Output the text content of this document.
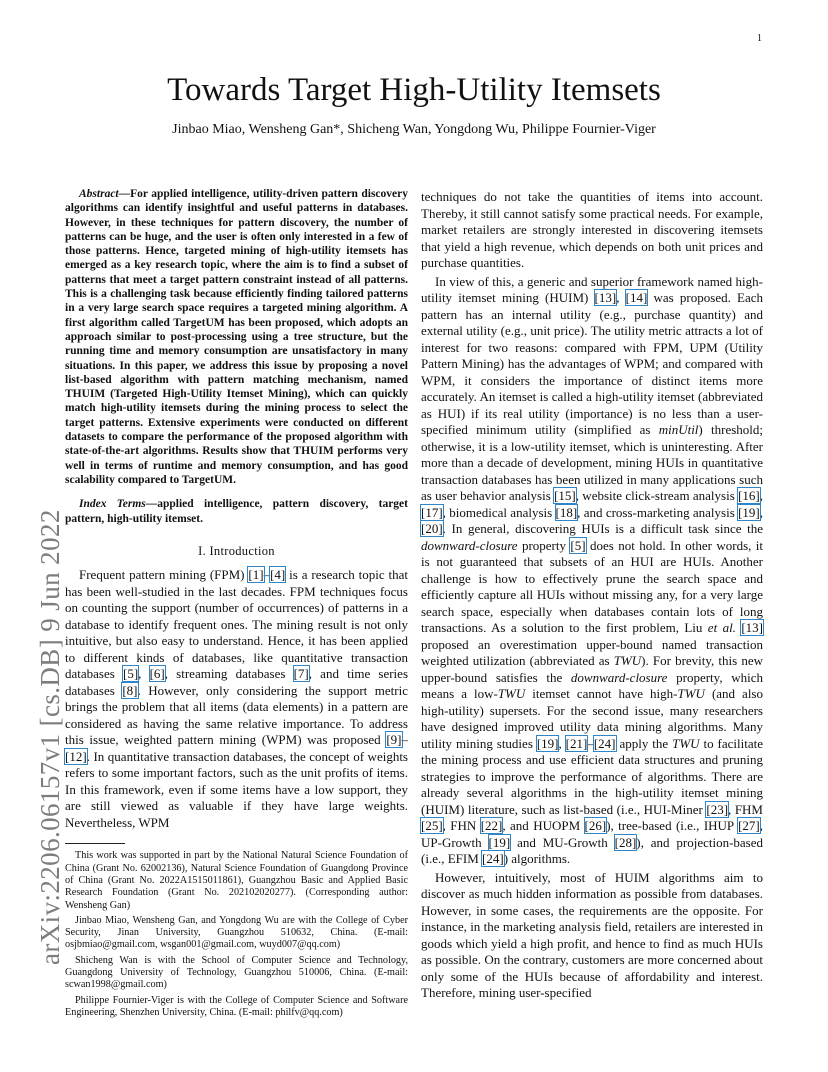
1
arXiv:2206.06157v1 [cs.DB] 9 Jun 2022
Towards Target High-Utility Itemsets

Jinbao Miao, Wensheng Gan*, Shicheng Wan, Yongdong Wu, Philippe Fournier-Viger

Abstract—For applied intelligence, utility-driven pattern discovery algorithms can identify insightful and useful patterns in databases. However, in these techniques for pattern discovery, the number of patterns can be huge, and the user is often only interested in a few of those patterns. Hence, targeted mining of high-utility itemsets has emerged as a key research topic, where the aim is to find a subset of patterns that meet a target pattern constraint instead of all patterns. This is a challenging task because efficiently finding tailored patterns in a very large search space requires a targeted mining algorithm. A first algorithm called TargetUM has been proposed, which adopts an approach similar to post-processing using a tree structure, but the running time and memory consumption are unsatisfactory in many situations. In this paper, we address this issue by proposing a novel list-based algorithm with pattern matching mechanism, named THUIM (Targeted High-Utility Itemset Mining), which can quickly match high-utility itemsets during the mining process to select the target patterns. Extensive experiments were conducted on different datasets to compare the performance of the proposed algorithm with state-of-the-art algorithms. Results show that THUIM performs very well in terms of runtime and memory consumption, and has good scalability compared to TargetUM.

Index Terms—applied intelligence, pattern discovery, target pattern, high-utility itemset.

I. Introduction

Frequent pattern mining (FPM) [1]–[4] is a research topic that has been well-studied in the last decades. FPM techniques focus on counting the support (number of occurrences) of patterns in a database to identify frequent ones. The mining result is not only intuitive, but also easy to understand. Hence, it has been applied to different kinds of databases, like quantitative transaction databases [5], [6], streaming databases [7], and time series databases [8]. However, only considering the support metric brings the problem that all items (data elements) in a pattern are considered as having the same relative importance. To address this issue, weighted pattern mining (WPM) was proposed [9]–[12]. In quantitative transaction databases, the concept of weights refers to some important factors, such as the unit profits of items. In this framework, even if some items have a low support, they are still viewed as valuable if they have large weights. Nevertheless, WPM

This work was supported in part by the National Natural Science Foundation of China (Grant No. 62002136), Natural Science Foundation of Guangdong Province of China (Grant No. 2022A1515011861), Guangzhou Basic and Applied Basic Research Foundation (Grant No. 202102020277). (Corresponding author: Wensheng Gan)

Jinbao Miao, Wensheng Gan, and Yongdong Wu are with the College of Cyber Security, Jinan University, Guangzhou 510632, China. (E-mail: osjbmiao@gmail.com, wsgan001@gmail.com, wuyd007@qq.com)

Shicheng Wan is with the School of Computer Science and Technology, Guangdong University of Technology, Guangzhou 510006, China. (E-mail: scwan1998@gmail.com)

Philippe Fournier-Viger is with the College of Computer Science and Software Engineering, Shenzhen University, China. (E-mail: philfv@qq.com)

techniques do not take the quantities of items into account. Thereby, it still cannot satisfy some practical needs. For example, market retailers are strongly interested in discovering itemsets that yield a high revenue, which depends on both unit prices and purchase quantities.

In view of this, a generic and superior framework named high-utility itemset mining (HUIM) [13], [14] was proposed. Each pattern has an internal utility (e.g., purchase quantity) and external utility (e.g., unit price). The utility metric attracts a lot of interest for two reasons: compared with FPM, UPM (Utility Pattern Mining) has the advantages of WPM; and compared with WPM, it considers the importance of distinct items more accurately. An itemset is called a high-utility itemset (abbreviated as HUI) if its real utility (importance) is no less than a user-specified minimum utility (simplified as minUtil) threshold; otherwise, it is a low-utility itemset, which is uninteresting. After more than a decade of development, mining HUIs in quantitative transaction databases has been utilized in many applications such as user behavior analysis [15], website click-stream analysis [16], [17], biomedical analysis [18], and cross-marketing analysis [19], [20]. In general, discovering HUIs is a difficult task since the downward-closure property [5] does not hold. In other words, it is not guaranteed that subsets of an HUI are HUIs. Another challenge is how to effectively prune the search space and efficiently capture all HUIs without missing any, for a very large search space, especially when databases contain lots of long transactions. As a solution to the first problem, Liu et al. [13] proposed an overestimation upper-bound named transaction weighted utilization (abbreviated as TWU). For brevity, this new upper-bound satisfies the downward-closure property, which means a low-TWU itemset cannot have high-TWU (and also high-utility) supersets. For the second issue, many researchers have designed improved utility data mining algorithms. Many utility mining studies [19], [21]–[24] apply the TWU to facilitate the mining process and use efficient data structures and pruning strategies to improve the performance of algorithms. There are already several algorithms in the high-utility itemset mining (HUIM) literature, such as list-based (i.e., HUI-Miner [23], FHM [25], FHN [22], and HUOPM [26]), tree-based (i.e., IHUP [27], UP-Growth [19] and MU-Growth [28]), and projection-based (i.e., EFIM [24]) algorithms.

However, intuitively, most of HUIM algorithms aim to discover as much hidden information as possible from databases. However, in some cases, the requirements are the opposite. For instance, in the marketing analysis field, retailers are interested in goods which yield a high profit, and hence to find as much HUIs as possible. On the contrary, customers are more concerned about only some of the HUIs because of affordability and interest. Therefore, mining user-specified
